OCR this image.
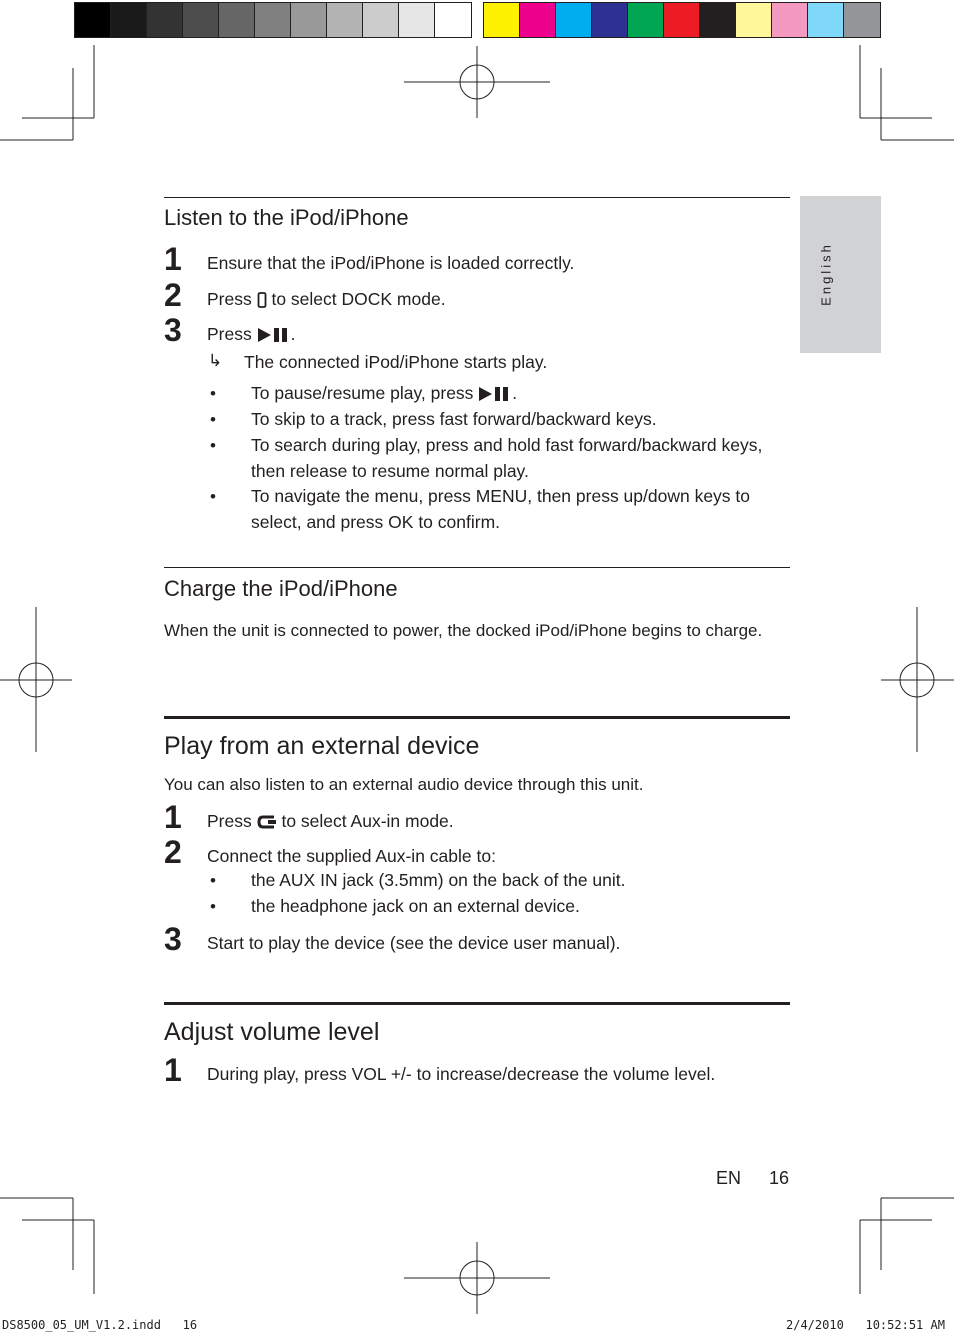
English
Listen to the iPod/iPhone
1 Ensure that the iPod/iPhone is loaded correctly.
2 Press  to select DOCK mode.
3 Press .
↳ The connected iPod/iPhone starts play.
• To pause/resume play, press .
• To skip to a track, press fast forward/backward keys.
• To search during play, press and hold fast forward/backward keys, then release to resume normal play.
• To navigate the menu, press MENU, then press up/down keys to select, and press OK to confirm.
Charge the iPod/iPhone
When the unit is connected to power, the docked iPod/iPhone begins to charge.
Play from an external device
You can also listen to an external audio device through this unit.
1 Press  to select Aux-in mode.
2 Connect the supplied Aux-in cable to:
• the AUX IN jack (3.5mm) on the back of the unit.
• the headphone jack on an external device.
3 Start to play the device (see the device user manual).
Adjust volume level
1 During play, press VOL +/- to increase/decrease the volume level.
EN 16
DS8500_05_UM_V1.2.indd   16	2/4/2010   10:52:51 AM
